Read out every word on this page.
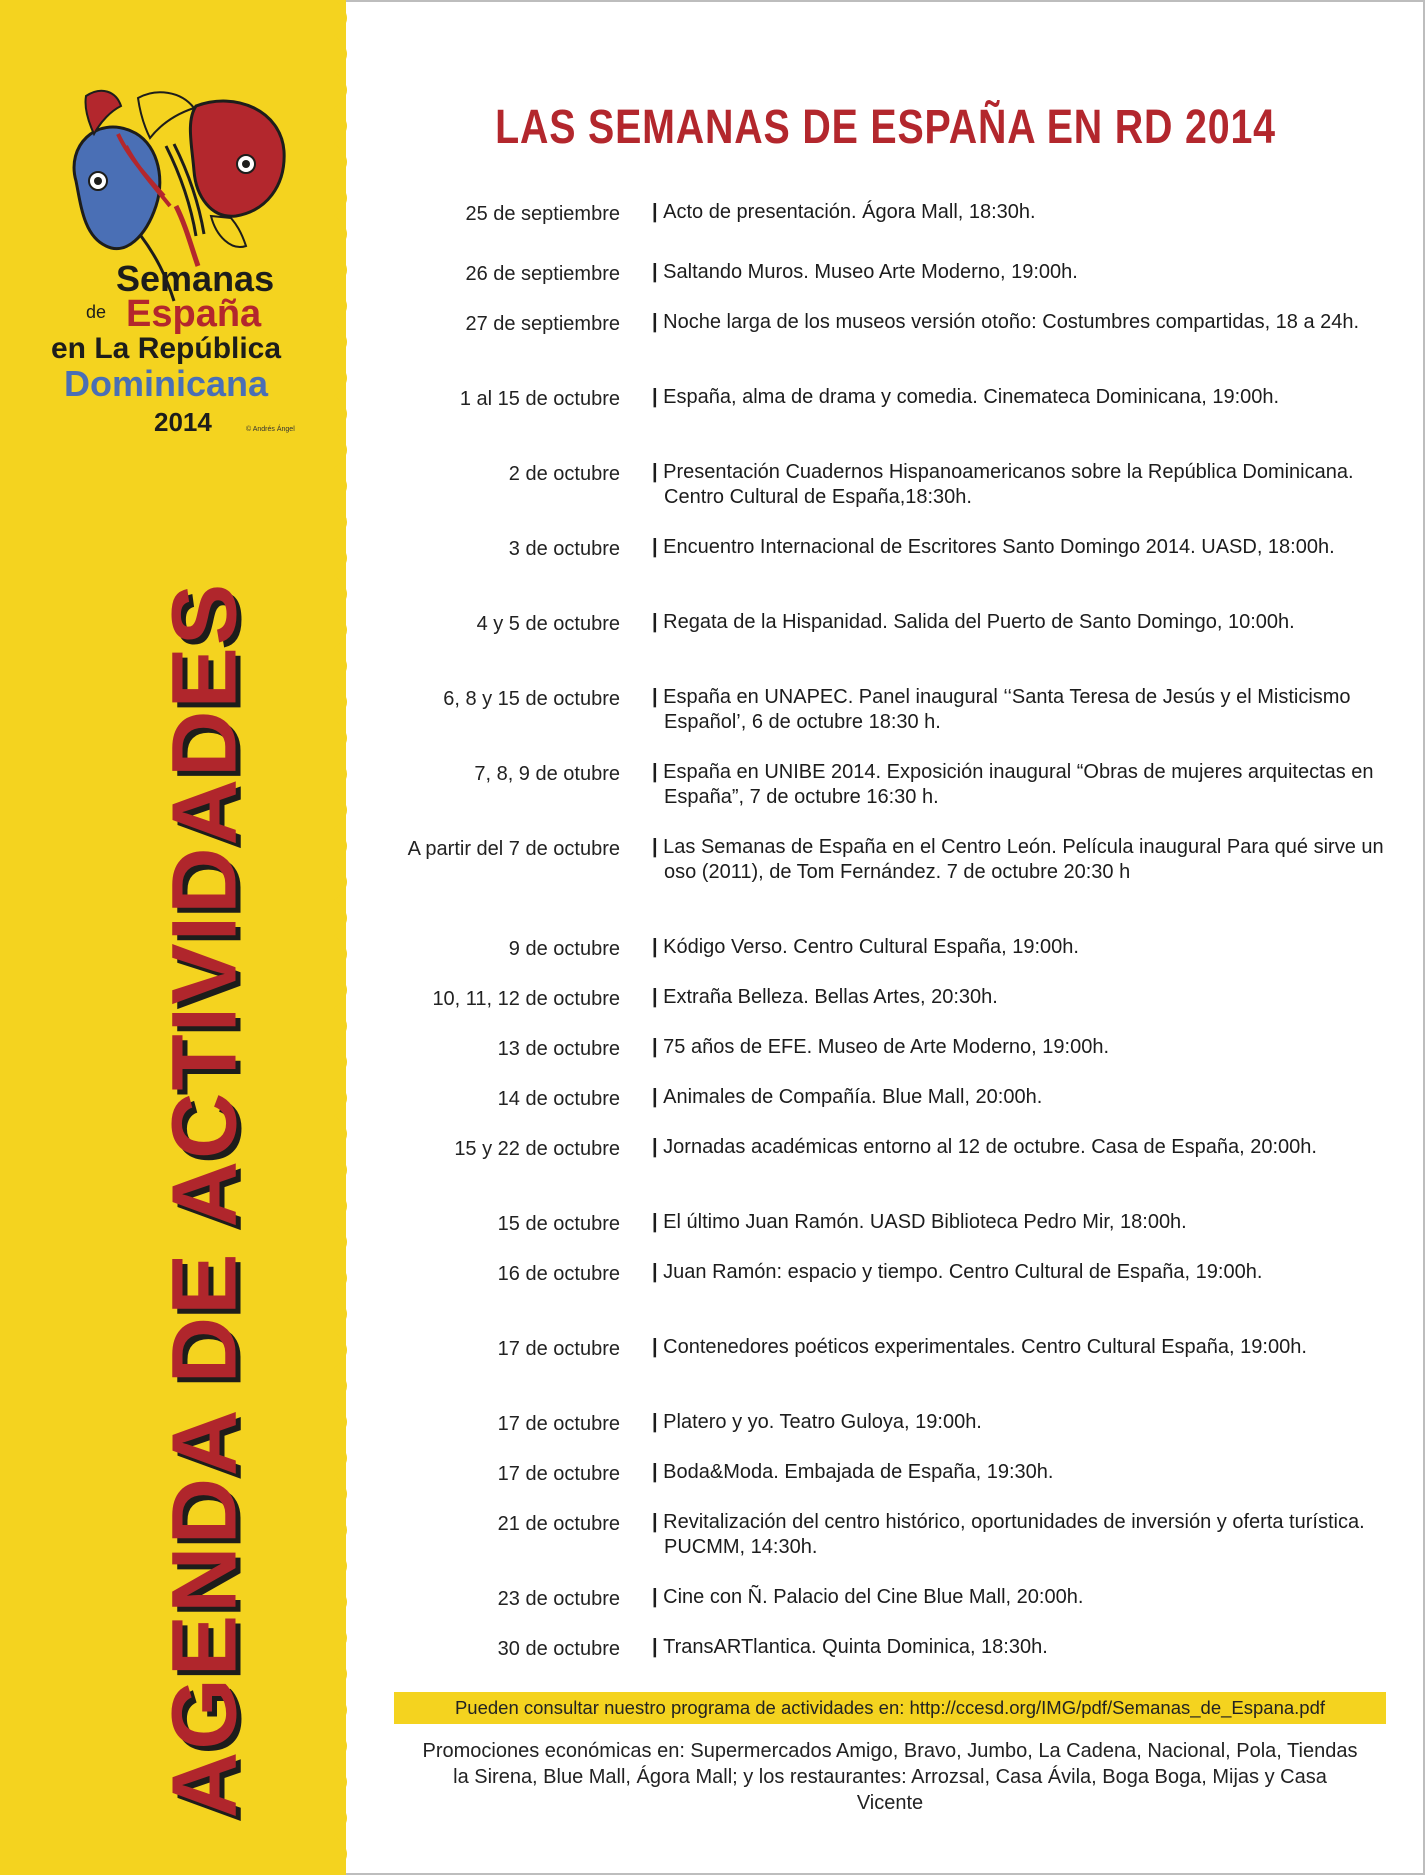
Semanas
de España
en La República
Dominicana
2014	© Andrés Ángel
AGENDA DE ACTIVIDADES
LAS SEMANAS DE ESPAÑA EN RD 2014
25 de septiembre	| Acto de presentación. Ágora Mall, 18:30h.
26 de septiembre	| Saltando Muros. Museo Arte Moderno, 19:00h.
27 de septiembre	| Noche larga de los museos versión otoño: Costumbres compartidas, 18 a 24h.
1 al 15 de octubre	| España, alma de drama y comedia. Cinemateca Dominicana, 19:00h.
2 de octubre	| Presentación Cuadernos Hispanoamericanos sobre la República Dominicana. Centro Cultural de España,18:30h.
3 de octubre	| Encuentro Internacional de Escritores Santo Domingo 2014. UASD, 18:00h.
4 y 5 de octubre	| Regata de la Hispanidad. Salida del Puerto de Santo Domingo, 10:00h.
6, 8 y 15 de octubre	| España en UNAPEC. Panel inaugural ‘‘Santa Teresa de Jesús y el Misticismo Español’, 6 de octubre 18:30 h.
7, 8, 9 de otubre	| España en UNIBE 2014. Exposición inaugural “Obras de mujeres arquitectas en España”, 7 de octubre 16:30 h.
A partir del 7 de octubre	| Las Semanas de España en el Centro León. Película inaugural Para qué sirve un oso (2011), de Tom Fernández. 7 de octubre 20:30 h
9 de octubre	| Kódigo Verso. Centro Cultural España, 19:00h.
10, 11, 12 de octubre	| Extraña Belleza. Bellas Artes, 20:30h.
13 de octubre	| 75 años de EFE. Museo de Arte Moderno, 19:00h.
14 de octubre	| Animales de Compañía. Blue Mall, 20:00h.
15 y 22 de octubre	| Jornadas académicas entorno al 12 de octubre. Casa de España, 20:00h.
15 de octubre	| El último Juan Ramón. UASD Biblioteca Pedro Mir, 18:00h.
16 de octubre	| Juan Ramón: espacio y tiempo. Centro Cultural de España, 19:00h.
17 de octubre	| Contenedores poéticos experimentales. Centro Cultural España, 19:00h.
17 de octubre	| Platero y yo. Teatro Guloya, 19:00h.
17 de octubre	| Boda&Moda. Embajada de España, 19:30h.
21 de octubre	| Revitalización del centro histórico, oportunidades de inversión y oferta turística. PUCMM, 14:30h.
23 de octubre	| Cine con Ñ. Palacio del Cine Blue Mall, 20:00h.
30 de octubre	| TransARTlantica. Quinta Dominica, 18:30h.
Pueden consultar nuestro programa de actividades en: http://ccesd.org/IMG/pdf/Semanas_de_Espana.pdf
Promociones económicas en: Supermercados Amigo, Bravo, Jumbo, La Cadena, Nacional, Pola, Tiendas la Sirena, Blue Mall, Ágora Mall; y los restaurantes: Arrozsal, Casa Ávila, Boga Boga, Mijas y Casa Vicente
